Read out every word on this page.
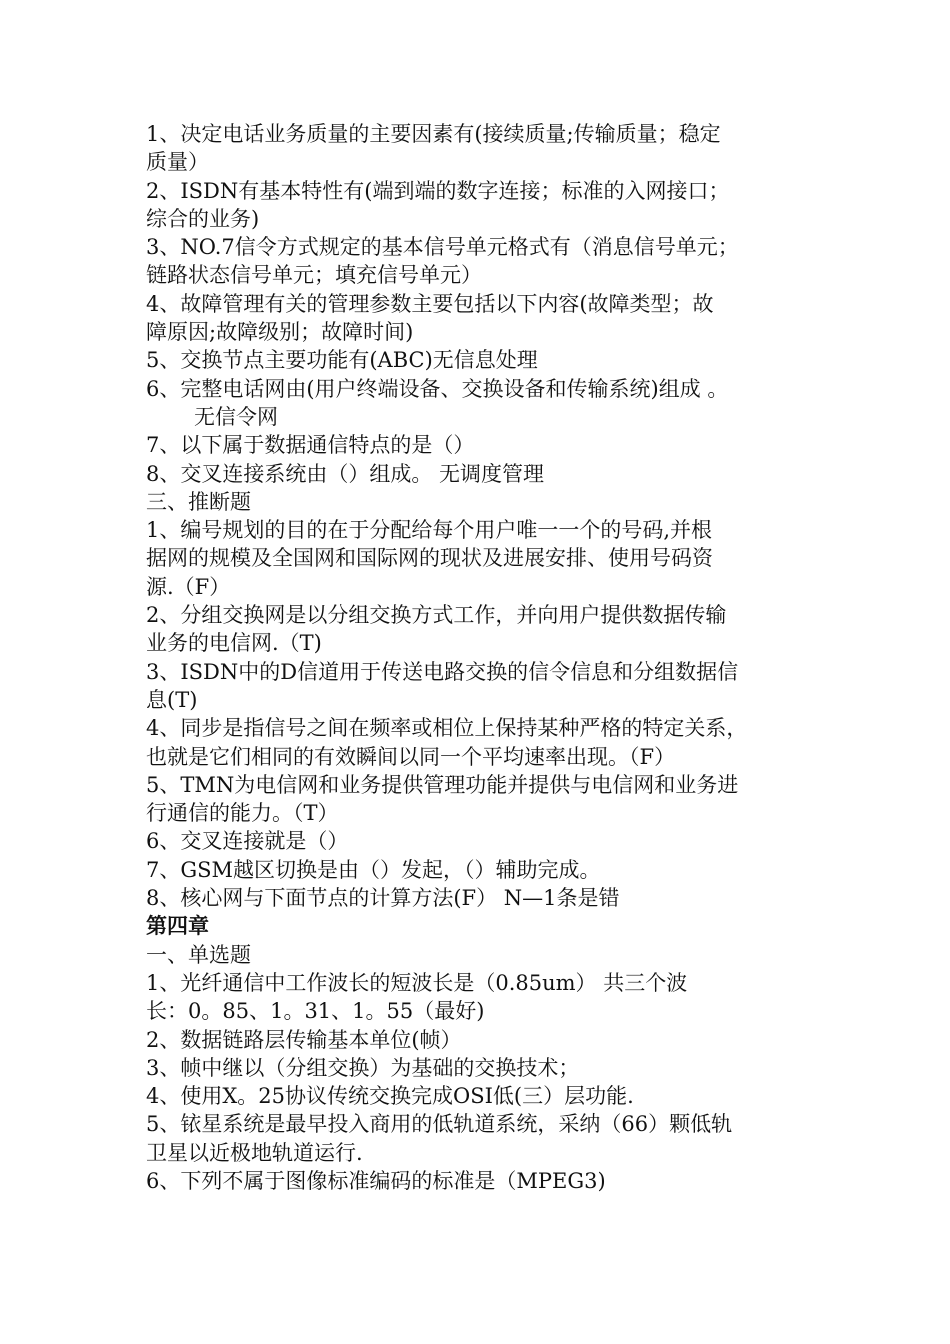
1、决定电话业务质量的主要因素有(接续质量;传输质量；稳定
质量）
2、ISDN有基本特性有(端到端的数字连接；标准的入网接口；
综合的业务)
3、NO.7信令方式规定的基本信号单元格式有（消息信号单元；
链路状态信号单元；填充信号单元）
4、故障管理有关的管理参数主要包括以下内容(故障类型；故
障原因;故障级别；故障时间)
5、交换节点主要功能有(ABC)无信息处理
6、完整电话网由(用户终端设备、交换设备和传输系统)组成 。
无信令网
7、以下属于数据通信特点的是（）
8、交叉连接系统由（）组成。 无调度管理
三、推断题
1、编号规划的目的在于分配给每个用户唯一一个的号码,并根
据网的规模及全国网和国际网的现状及进展安排、使用号码资
源.（F）
2、分组交换网是以分组交换方式工作，并向用户提供数据传输
业务的电信网.（T)
3、ISDN中的D信道用于传送电路交换的信令信息和分组数据信
息(T)
4、同步是指信号之间在频率或相位上保持某种严格的特定关系，
也就是它们相同的有效瞬间以同一个平均速率出现。（F）
5、TMN为电信网和业务提供管理功能并提供与电信网和业务进
行通信的能力。（T）
6、交叉连接就是（）
7、GSM越区切换是由（）发起，（）辅助完成。
8、核心网与下面节点的计算方法(F） N—1条是错
第四章
一、单选题
1、光纤通信中工作波长的短波长是（0.85um） 共三个波
长：0。85、1。31、1。55（最好)
2、数据链路层传输基本单位(帧）
3、帧中继以（分组交换）为基础的交换技术；
4、使用X。25协议传统交换完成OSI低(三）层功能.
5、铱星系统是最早投入商用的低轨道系统，采纳（66）颗低轨
卫星以近极地轨道运行.
6、下列不属于图像标准编码的标准是（MPEG3)
